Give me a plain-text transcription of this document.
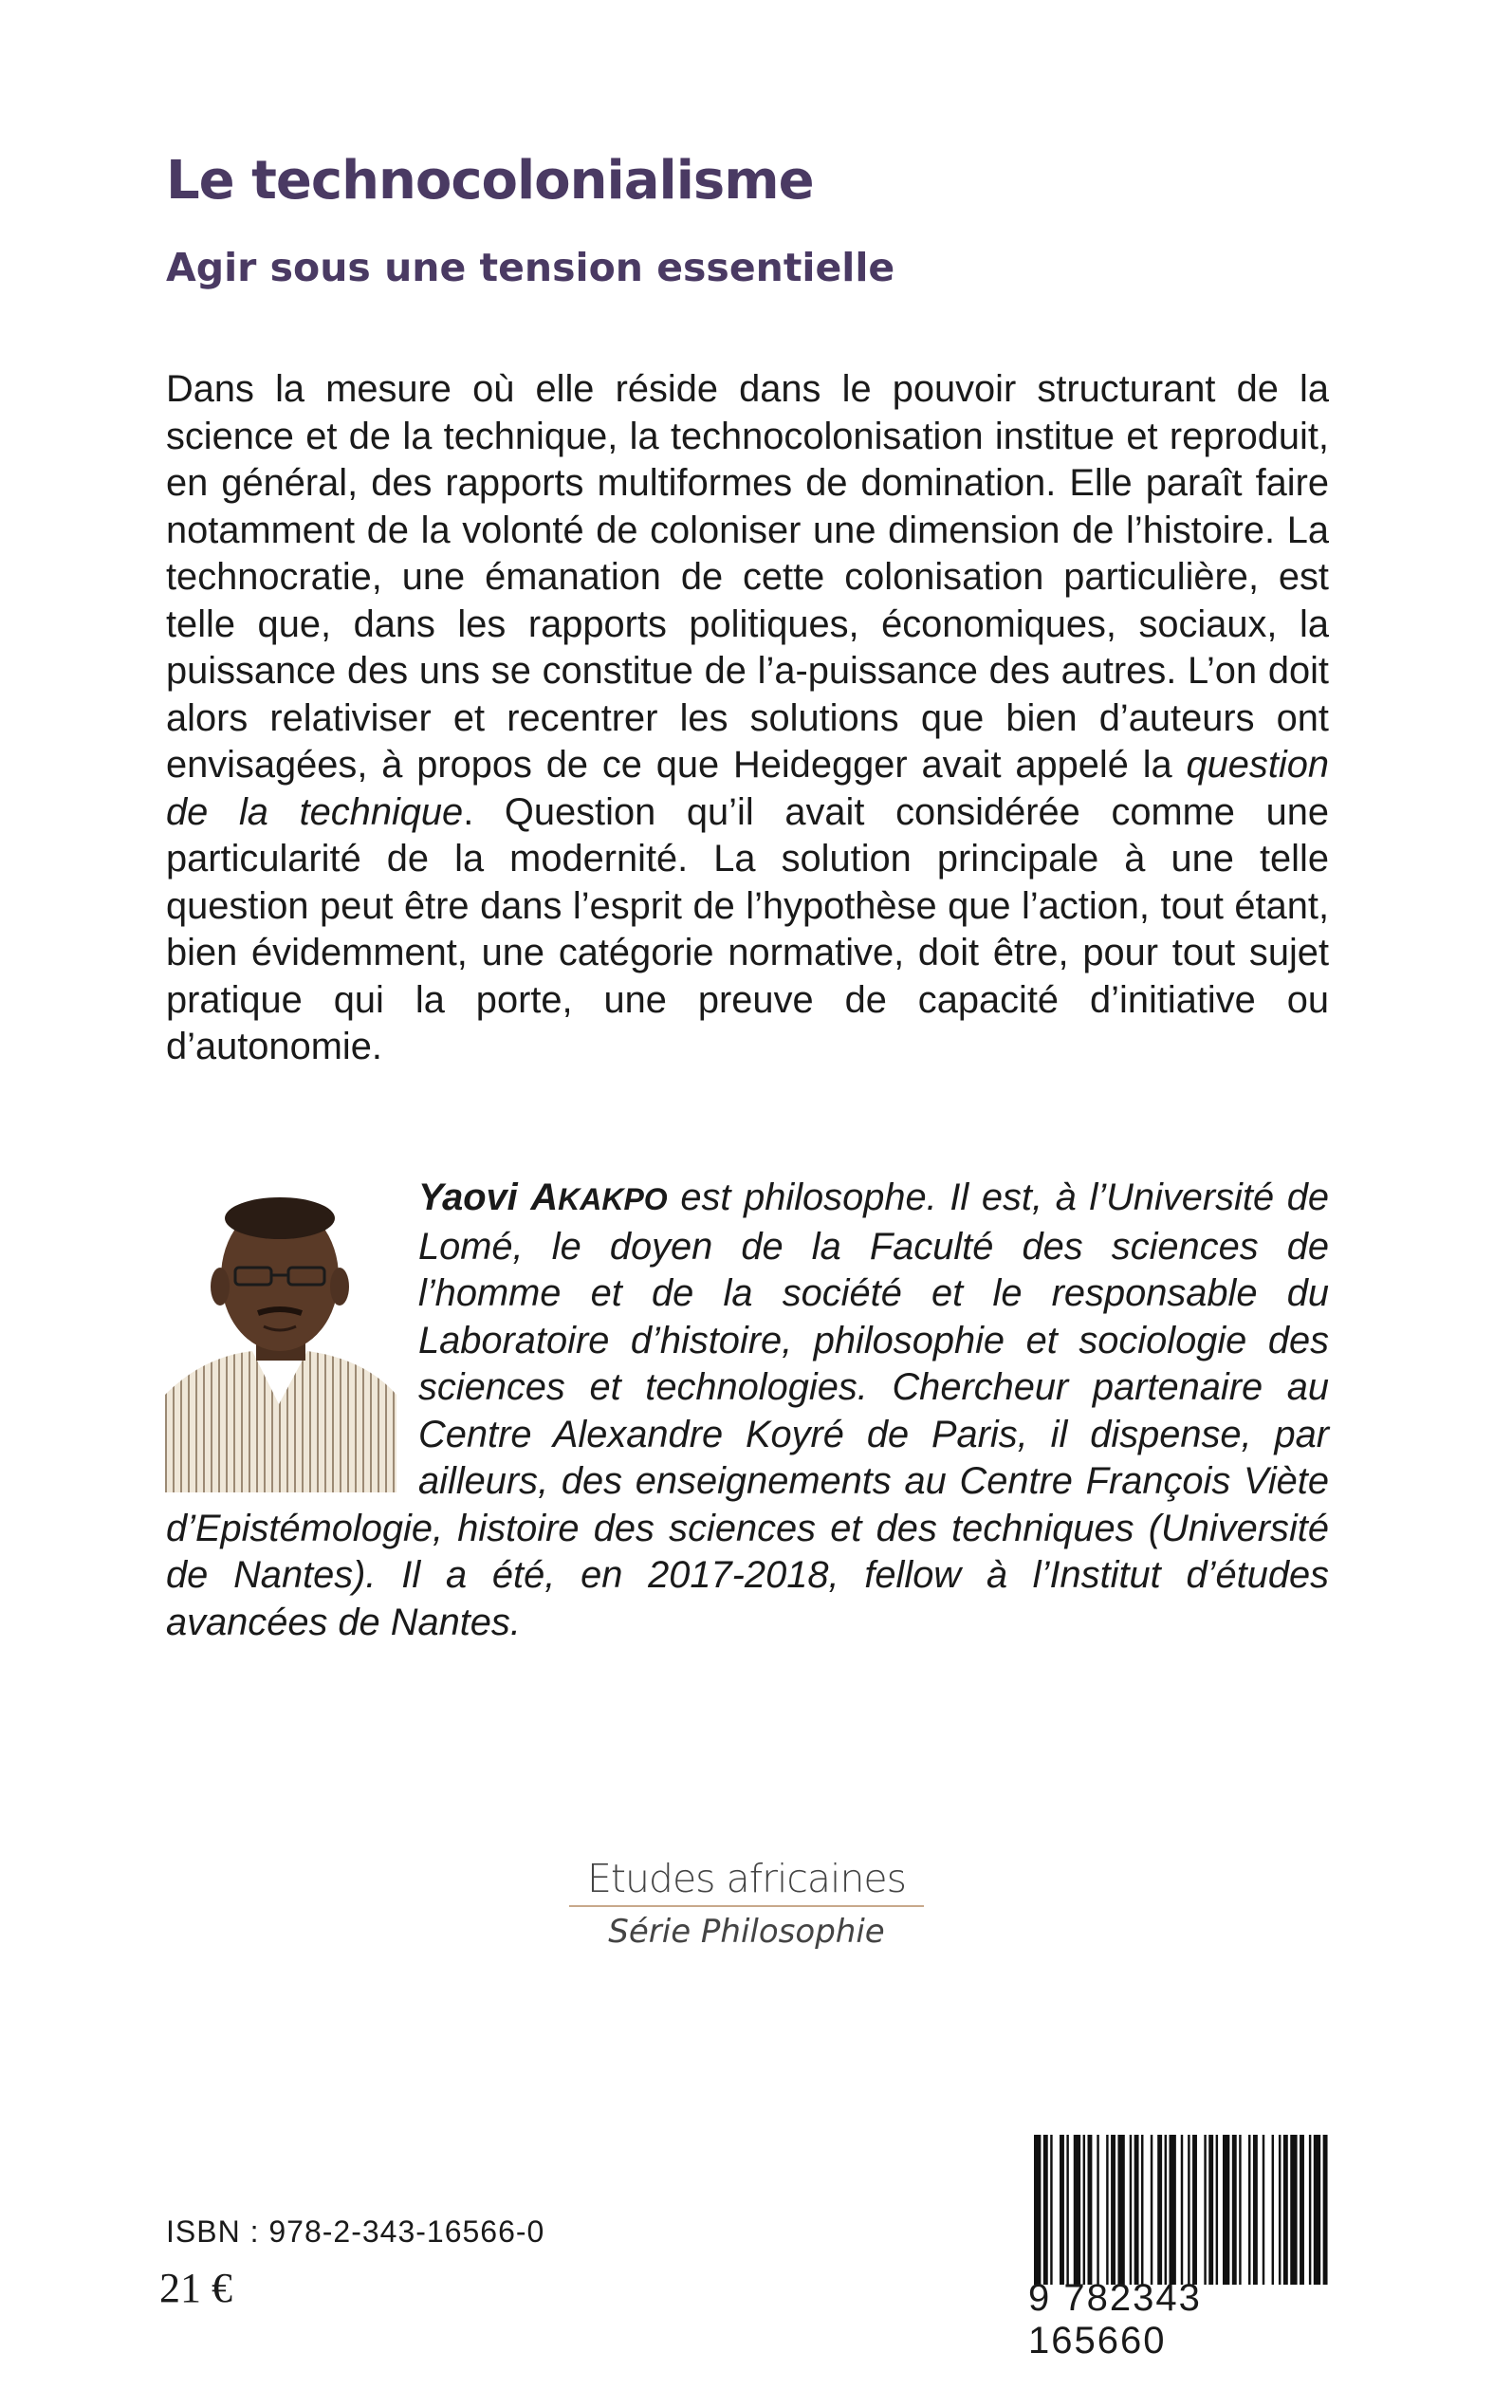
Le technocolonialisme
Agir sous une tension essentielle

Dans la mesure où elle réside dans le pouvoir structurant de la science et de la technique, la technocolonisation institue et reproduit, en général, des rapports multiformes de domination. Elle paraît faire notamment de la volonté de coloniser une dimension de l’histoire. La technocratie, une émanation de cette colonisation particulière, est telle que, dans les rapports politiques, économiques, sociaux, la puissance des uns se constitue de l’a-puissance des autres. L’on doit alors relativiser et recentrer les solutions que bien d’auteurs ont envisagées, à propos de ce que Heidegger avait appelé la question de la technique. Question qu’il avait considérée comme une particularité de la modernité. La solution principale à une telle question peut être dans l’esprit de l’hypothèse que l’action, tout étant, bien évidemment, une catégorie normative, doit être, pour tout sujet pratique qui la porte, une preuve de capacité d’initiative ou d’autonomie.

Yaovi AKAKPO est philosophe. Il est, à l’Université de Lomé, le doyen de la Faculté des sciences de l’homme et de la société et le responsable du Laboratoire d’histoire, philosophie et sociologie des sciences et technologies. Chercheur partenaire au Centre Alexandre Koyré de Paris, il dispense, par ailleurs, des enseignements au Centre François Viète d’Epistémologie, histoire des sciences et des techniques (Université de Nantes). Il a été, en 2017-2018, fellow à l’Institut d’études avancées de Nantes.
Etudes africaines
Série Philosophie
ISBN : 978-2-343-16566-0
21 €	9 782343 165660
